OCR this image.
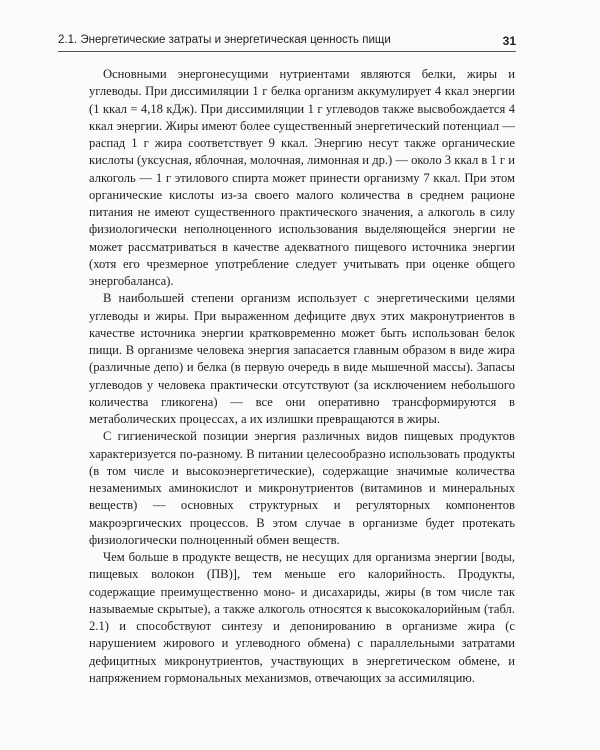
2.1. Энергетические затраты и энергетическая ценность пищи	31

Основными энергонесущими нутриентами являются белки, жиры и углеводы. При диссимиляции 1 г белка организм аккумулирует 4 ккал энергии (1 ккал = 4,18 кДж). При диссимиляции 1 г углеводов также высвобождается 4 ккал энергии. Жиры имеют более существенный энергетический потенциал — распад 1 г жира соответствует 9 ккал. Энергию несут также органические кислоты (уксусная, яблочная, молочная, лимонная и др.) — около 3 ккал в 1 г и алкоголь — 1 г этилового спирта может принести организму 7 ккал. При этом органические кислоты из-за своего малого количества в среднем рационе питания не имеют существенного практического значения, а алкоголь в силу физиологически неполноценного использования выделяющейся энергии не может рассматриваться в качестве адекватного пищевого источника энергии (хотя его чрезмерное употребление следует учитывать при оценке общего энергобаланса).

В наибольшей степени организм использует с энергетическими целями углеводы и жиры. При выраженном дефиците двух этих макронутриентов в качестве источника энергии кратковременно может быть использован белок пищи. В организме человека энергия запасается главным образом в виде жира (различные депо) и белка (в первую очередь в виде мышечной массы). Запасы углеводов у человека практически отсутствуют (за исключением небольшого количества гликогена) — все они оперативно трансформируются в метаболических процессах, а их излишки превращаются в жиры.

С гигиенической позиции энергия различных видов пищевых продуктов характеризуется по-разному. В питании целесообразно использовать продукты (в том числе и высокоэнергетические), содержащие значимые количества незаменимых аминокислот и микронутриентов (витаминов и минеральных веществ) — основных структурных и регуляторных компонентов макроэргических процессов. В этом случае в организме будет протекать физиологически полноценный обмен веществ.

Чем больше в продукте веществ, не несущих для организма энергии [воды, пищевых волокон (ПВ)], тем меньше его калорийность. Продукты, содержащие преимущественно моно- и дисахариды, жиры (в том числе так называемые скрытые), а также алкоголь относятся к высококалорийным (табл. 2.1) и способствуют синтезу и депонированию в организме жира (с нарушением жирового и углеводного обмена) с параллельными затратами дефицитных микронутриентов, участвующих в энергетическом обмене, и напряжением гормональных механизмов, отвечающих за ассимиляцию.
